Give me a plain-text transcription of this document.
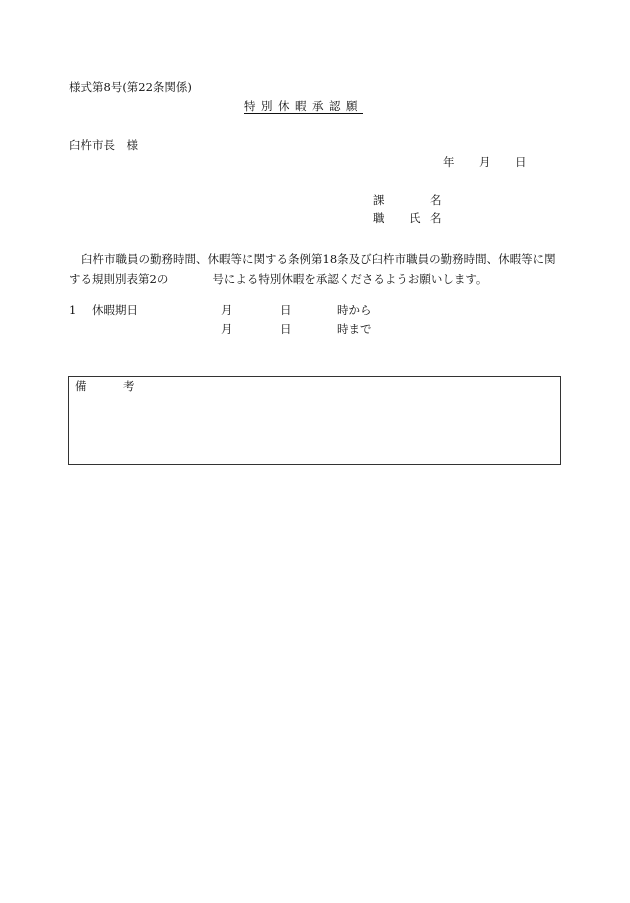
様式第8号(第22条関係)
特別休暇承認願
臼杵市長　様
年 月 日
課	名
職 氏 名
臼杵市職員の勤務時間、休暇等に関する条例第18条及び臼杵市職員の勤務時間、休暇等に関
する規則別表第2の	号による特別休暇を承認くださるようお願いします。
1 休暇期日	月	日	時から
月	日	時まで
備	考
